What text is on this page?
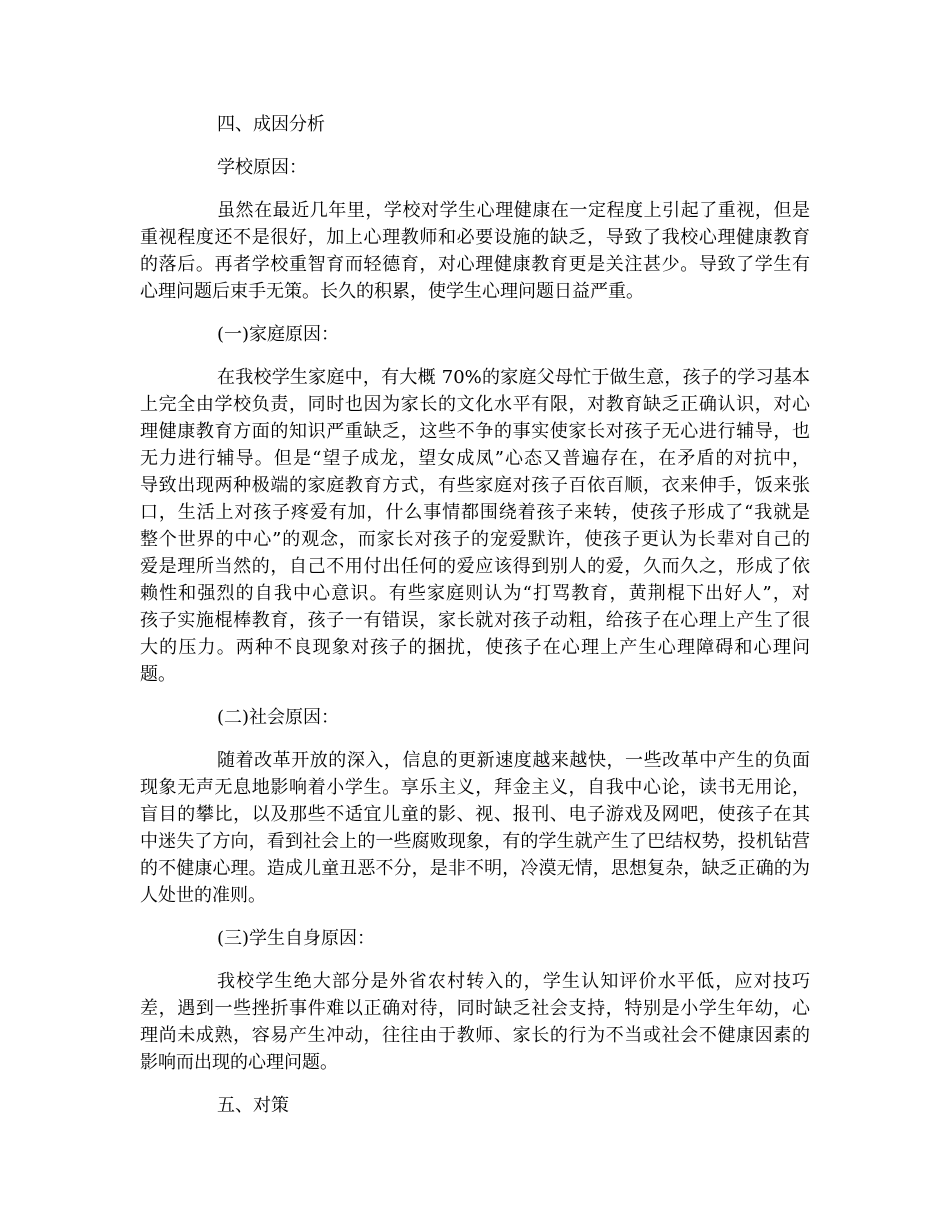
四、成因分析
学校原因：
虽然在最近几年里，学校对学生心理健康在一定程度上引起了重视，但是
重视程度还不是很好，加上心理教师和必要设施的缺乏，导致了我校心理健康教育
的落后。再者学校重智育而轻德育，对心理健康教育更是关注甚少。导致了学生有
心理问题后束手无策。长久的积累，使学生心理问题日益严重。
(一)家庭原因：
在我校学生家庭中，有大概 70%的家庭父母忙于做生意，孩子的学习基本
上完全由学校负责，同时也因为家长的文化水平有限，对教育缺乏正确认识，对心
理健康教育方面的知识严重缺乏，这些不争的事实使家长对孩子无心进行辅导，也
无力进行辅导。但是“望子成龙，望女成凤”心态又普遍存在，在矛盾的对抗中，
导致出现两种极端的家庭教育方式，有些家庭对孩子百依百顺，衣来伸手，饭来张
口，生活上对孩子疼爱有加，什么事情都围绕着孩子来转，使孩子形成了“我就是
整个世界的中心”的观念，而家长对孩子的宠爱默许，使孩子更认为长辈对自己的
爱是理所当然的，自己不用付出任何的爱应该得到别人的爱，久而久之，形成了依
赖性和强烈的自我中心意识。有些家庭则认为“打骂教育，黄荆棍下出好人”，对
孩子实施棍棒教育，孩子一有错误，家长就对孩子动粗，给孩子在心理上产生了很
大的压力。两种不良现象对孩子的捆扰，使孩子在心理上产生心理障碍和心理问
题。
(二)社会原因：
随着改革开放的深入，信息的更新速度越来越快，一些改革中产生的负面
现象无声无息地影响着小学生。享乐主义，拜金主义，自我中心论，读书无用论，
盲目的攀比，以及那些不适宜儿童的影、视、报刊、电子游戏及网吧，使孩子在其
中迷失了方向，看到社会上的一些腐败现象，有的学生就产生了巴结权势，投机钻营
的不健康心理。造成儿童丑恶不分，是非不明，冷漠无情，思想复杂，缺乏正确的为
人处世的准则。
(三)学生自身原因：
我校学生绝大部分是外省农村转入的，学生认知评价水平低，应对技巧
差，遇到一些挫折事件难以正确对待，同时缺乏社会支持，特别是小学生年幼，心
理尚未成熟，容易产生冲动，往往由于教师、家长的行为不当或社会不健康因素的
影响而出现的心理问题。
五、对策
